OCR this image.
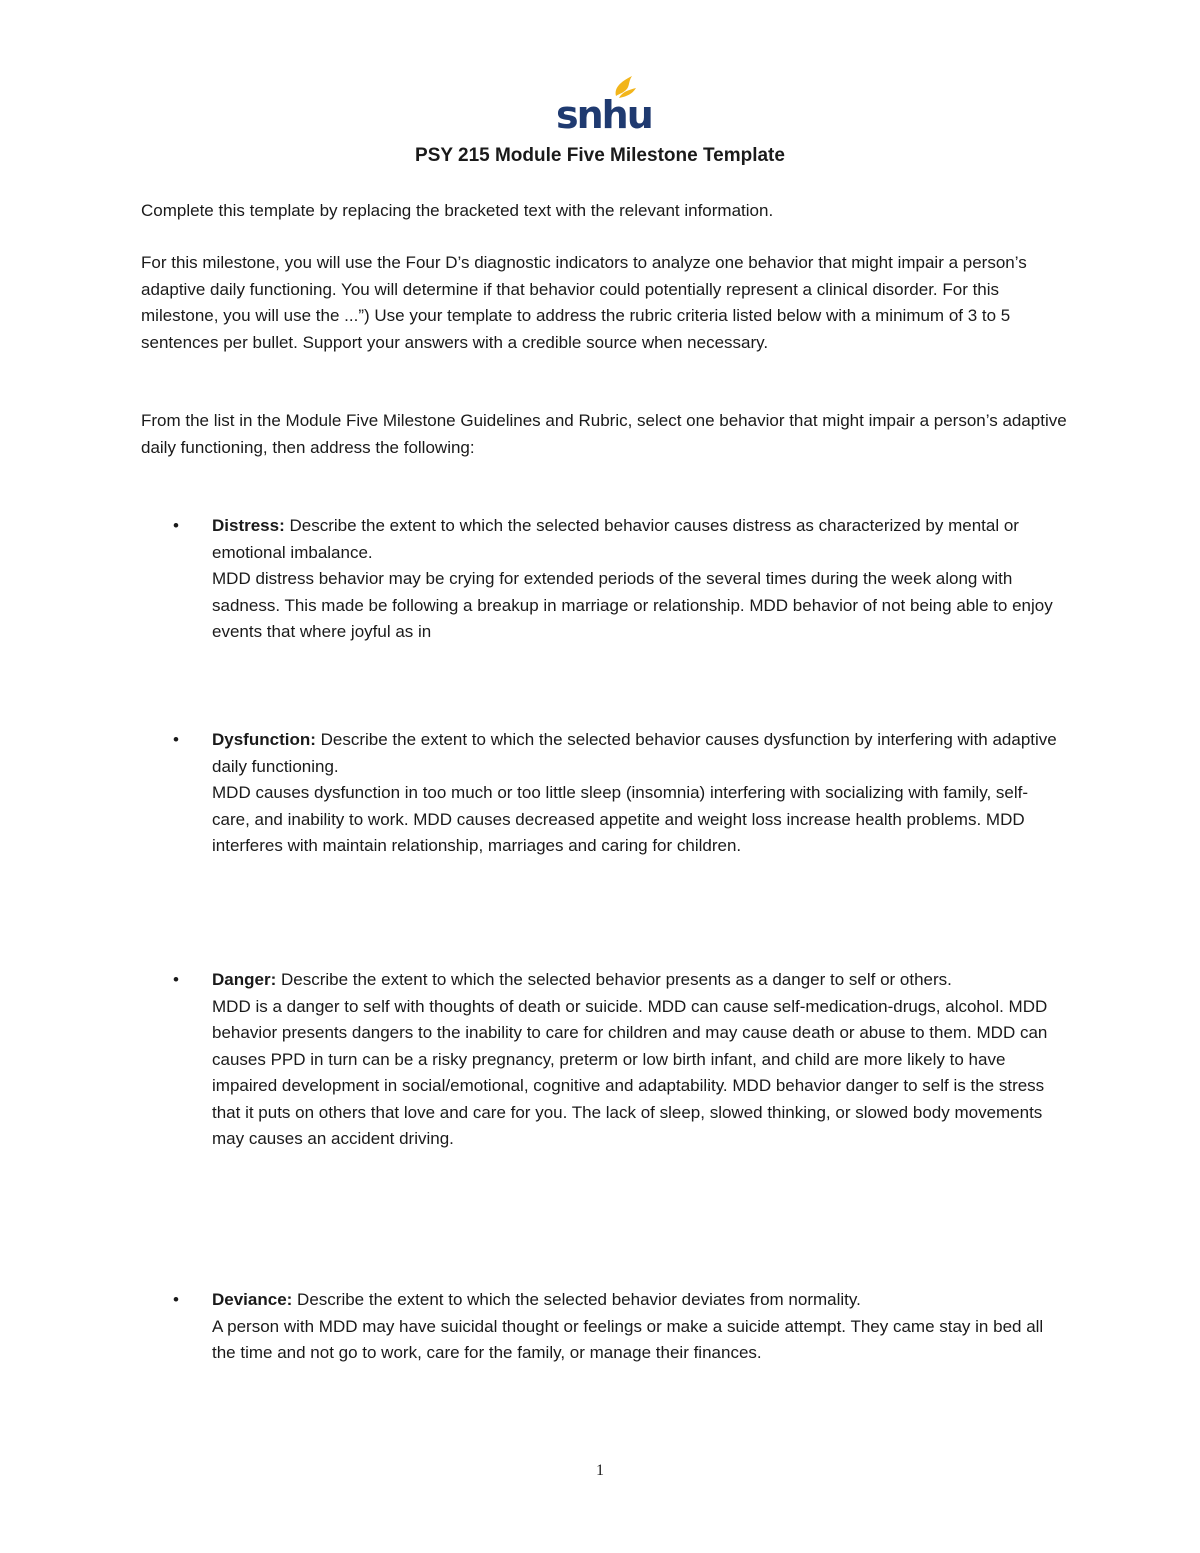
snhu
PSY 215 Module Five Milestone Template

Complete this template by replacing the bracketed text with the relevant information.

For this milestone, you will use the Four D’s diagnostic indicators to analyze one behavior that might impair a person’s adaptive daily functioning. You will determine if that behavior could potentially represent a clinical disorder. For this milestone, you will use the ...”) Use your template to address the rubric criteria listed below with a minimum of 3 to 5 sentences per bullet. Support your answers with a credible source when necessary.

From the list in the Module Five Milestone Guidelines and Rubric, select one behavior that might impair a person’s adaptive daily functioning, then address the following:

• Distress: Describe the extent to which the selected behavior causes distress as characterized by mental or emotional imbalance.

MDD distress behavior may be crying for extended periods of the several times during the week along with sadness. This made be following a breakup in marriage or relationship. MDD behavior of not being able to enjoy events that where joyful as in

• Dysfunction: Describe the extent to which the selected behavior causes dysfunction by interfering with adaptive daily functioning.

MDD causes dysfunction in too much or too little sleep (insomnia) interfering with socializing with family, self-care, and inability to work. MDD causes decreased appetite and weight loss increase health problems. MDD interferes with maintain relationship, marriages and caring for children.

• Danger: Describe the extent to which the selected behavior presents as a danger to self or others.

MDD is a danger to self with thoughts of death or suicide. MDD can cause self-medication-drugs, alcohol. MDD behavior presents dangers to the inability to care for children and may cause death or abuse to them. MDD can causes PPD in turn can be a risky pregnancy, preterm or low birth infant, and child are more likely to have impaired development in social/emotional, cognitive and adaptability. MDD behavior danger to self is the stress that it puts on others that love and care for you. The lack of sleep, slowed thinking, or slowed body movements may causes an accident driving.

• Deviance: Describe the extent to which the selected behavior deviates from normality.

A person with MDD may have suicidal thought or feelings or make a suicide attempt. They came stay in bed all the time and not go to work, care for the family, or manage their finances.

1
